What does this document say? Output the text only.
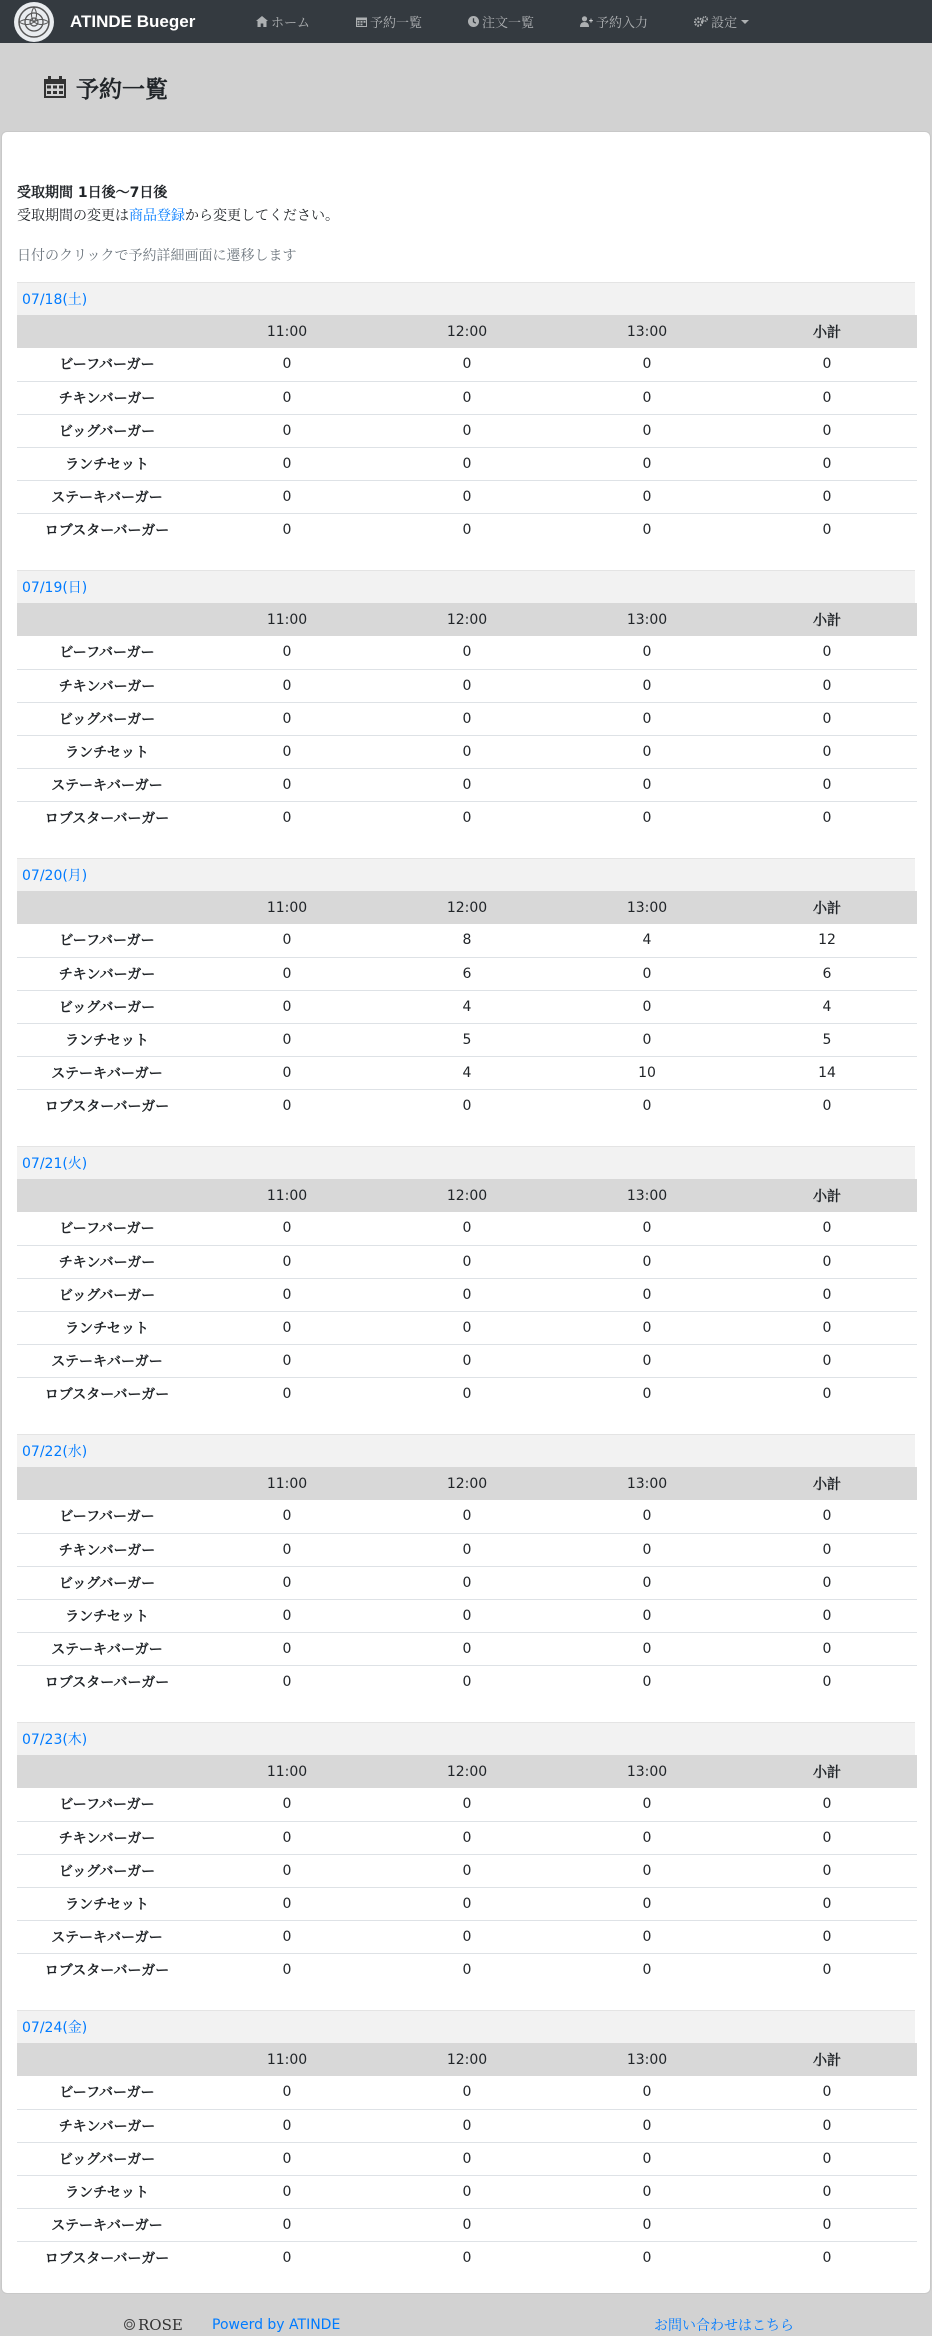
ATINDE Bueger	ホーム	予約一覧	注文一覧	予約入力	設定
予約一覧
受取期間 1日後〜7日後
受取期間の変更は商品登録から変更してください。
日付のクリックで予約詳細画面に遷移します
07/18(土)
	11:00	12:00	13:00	小計
ビーフバーガー	0	0	0	0
チキンバーガー	0	0	0	0
ビッグバーガー	0	0	0	0
ランチセット	0	0	0	0
ステーキバーガー	0	0	0	0
ロブスターバーガー	0	0	0	0
07/19(日)
	11:00	12:00	13:00	小計
ビーフバーガー	0	0	0	0
チキンバーガー	0	0	0	0
ビッグバーガー	0	0	0	0
ランチセット	0	0	0	0
ステーキバーガー	0	0	0	0
ロブスターバーガー	0	0	0	0
07/20(月)
	11:00	12:00	13:00	小計
ビーフバーガー	0	8	4	12
チキンバーガー	0	6	0	6
ビッグバーガー	0	4	0	4
ランチセット	0	5	0	5
ステーキバーガー	0	4	10	14
ロブスターバーガー	0	0	0	0
07/21(火)
	11:00	12:00	13:00	小計
ビーフバーガー	0	0	0	0
チキンバーガー	0	0	0	0
ビッグバーガー	0	0	0	0
ランチセット	0	0	0	0
ステーキバーガー	0	0	0	0
ロブスターバーガー	0	0	0	0
07/22(水)
	11:00	12:00	13:00	小計
ビーフバーガー	0	0	0	0
チキンバーガー	0	0	0	0
ビッグバーガー	0	0	0	0
ランチセット	0	0	0	0
ステーキバーガー	0	0	0	0
ロブスターバーガー	0	0	0	0
07/23(木)
	11:00	12:00	13:00	小計
ビーフバーガー	0	0	0	0
チキンバーガー	0	0	0	0
ビッグバーガー	0	0	0	0
ランチセット	0	0	0	0
ステーキバーガー	0	0	0	0
ロブスターバーガー	0	0	0	0
07/24(金)
	11:00	12:00	13:00	小計
ビーフバーガー	0	0	0	0
チキンバーガー	0	0	0	0
ビッグバーガー	0	0	0	0
ランチセット	0	0	0	0
ステーキバーガー	0	0	0	0
ロブスターバーガー	0	0	0	0
ROSE Powerd by ATINDE	お問い合わせはこちら
